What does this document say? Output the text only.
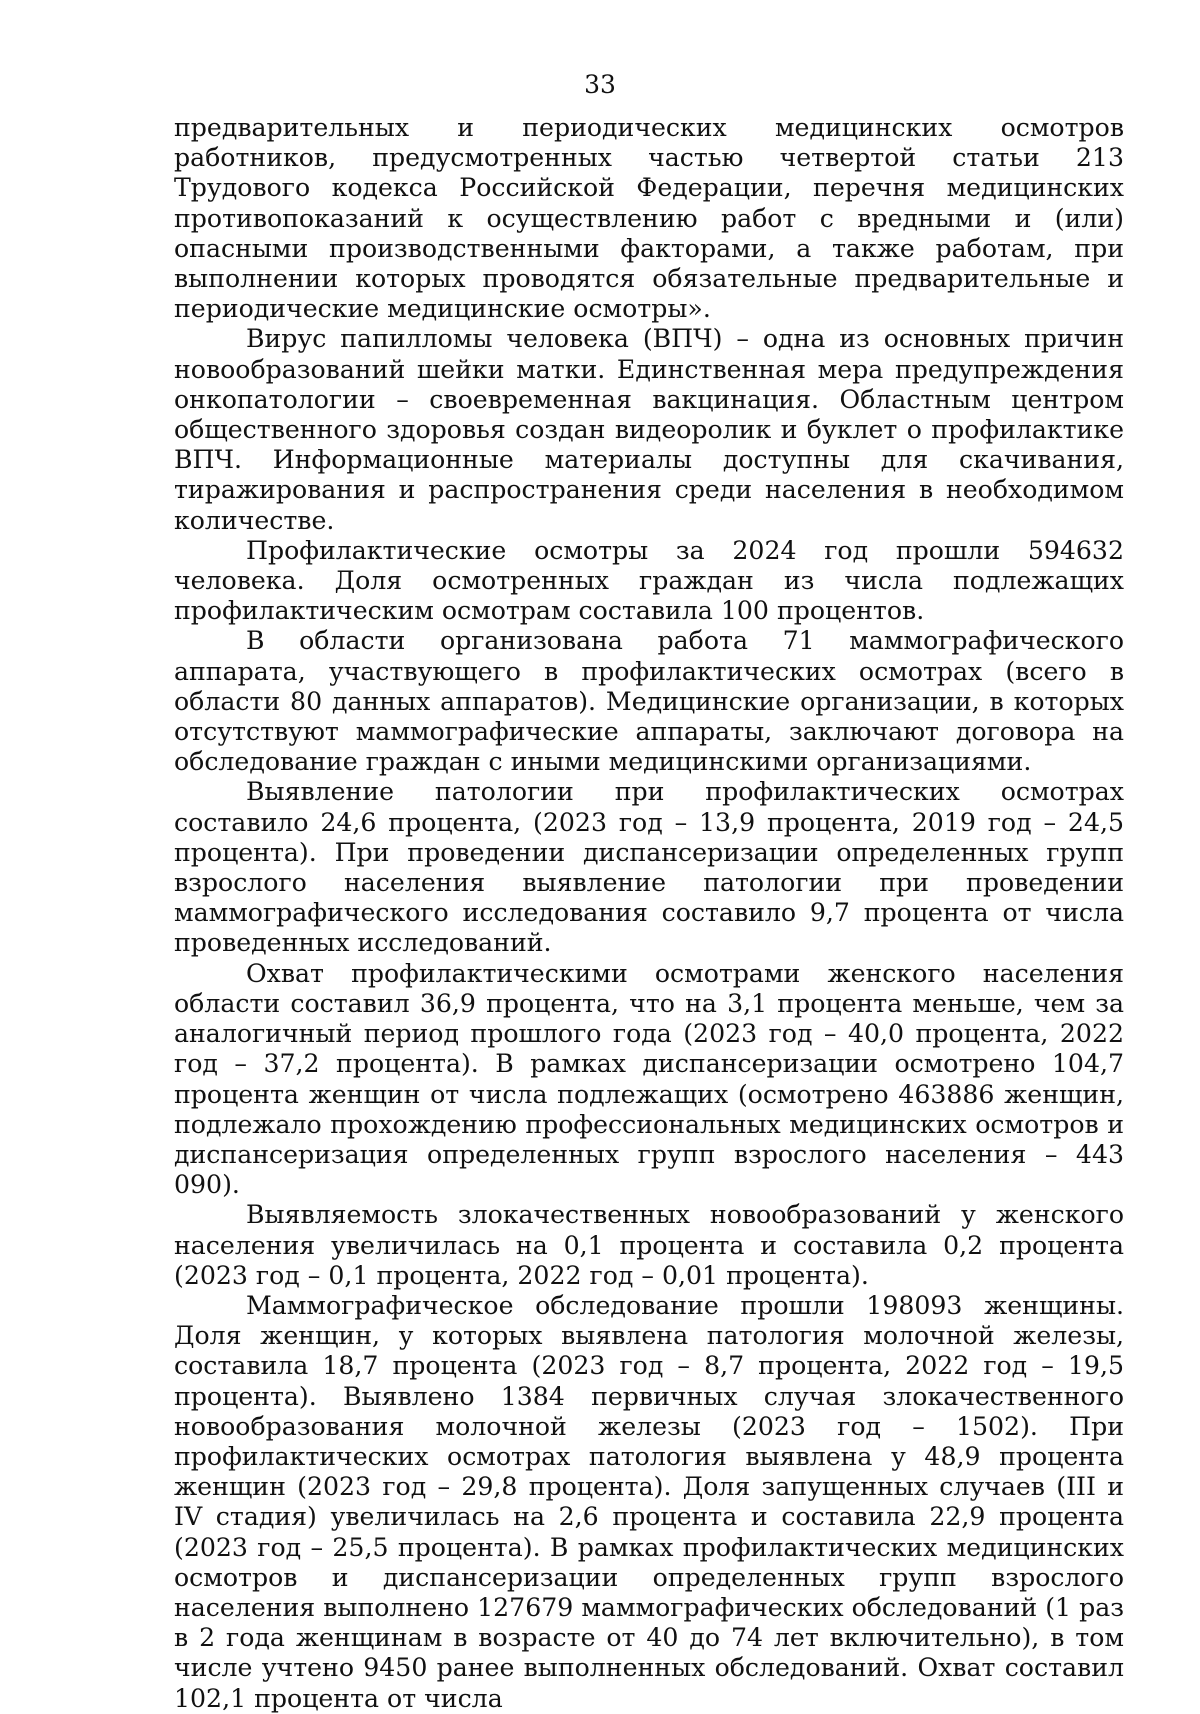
33

предварительных и периодических медицинских осмотров работников, предусмотренных частью четвертой статьи 213 Трудового кодекса Российской Федерации, перечня медицинских противопоказаний к осуществлению работ с вредными и (или) опасными производственными факторами, а также работам, при выполнении которых проводятся обязательные предварительные и периодические медицинские осмотры».

Вирус папилломы человека (ВПЧ) – одна из основных причин новообразований шейки матки. Единственная мера предупреждения онкопатологии – своевременная вакцинация. Областным центром общественного здоровья создан видеоролик и буклет о профилактике ВПЧ. Информационные материалы доступны для скачивания, тиражирования и распространения среди населения в необходимом количестве.

Профилактические осмотры за 2024 год прошли 594632 человека. Доля осмотренных граждан из числа подлежащих профилактическим осмотрам составила 100 процентов.

В области организована работа 71 маммографического аппарата, участвующего в профилактических осмотрах (всего в области 80 данных аппаратов). Медицинские организации, в которых отсутствуют маммографические аппараты, заключают договора на обследование граждан с иными медицинскими организациями.

Выявление патологии при профилактических осмотрах составило 24,6 процента, (2023 год – 13,9 процента, 2019 год – 24,5 процента). При проведении диспансеризации определенных групп взрослого населения выявление патологии при проведении маммографического исследования составило 9,7 процента от числа проведенных исследований.

Охват профилактическими осмотрами женского населения области составил 36,9 процента, что на 3,1 процента меньше, чем за аналогичный период прошлого года (2023 год – 40,0 процента, 2022 год – 37,2 процента). В рамках диспансеризации осмотрено 104,7 процента женщин от числа подлежащих (осмотрено 463886 женщин, подлежало прохождению профессиональных медицинских осмотров и диспансеризация определенных групп взрослого населения – 443 090).

Выявляемость злокачественных новообразований у женского населения увеличилась на 0,1 процента и составила 0,2 процента (2023 год – 0,1 процента, 2022 год – 0,01 процента).

Маммографическое обследование прошли 198093 женщины. Доля женщин, у которых выявлена патология молочной железы, составила 18,7 процента (2023 год – 8,7 процента, 2022 год – 19,5 процента). Выявлено 1384 первичных случая злокачественного новообразования молочной железы (2023 год – 1502). При профилактических осмотрах патология выявлена у 48,9 процента женщин (2023 год – 29,8 процента). Доля запущенных случаев (III и IV стадия) увеличилась на 2,6 процента и составила 22,9 процента (2023 год – 25,5 процента). В рамках профилактических медицинских осмотров и диспансеризации определенных групп взрослого населения выполнено 127679 маммографических обследований (1 раз в 2 года женщинам в возрасте от 40 до 74 лет включительно), в том числе учтено 9450 ранее выполненных обследований. Охват составил 102,1 процента от числа
